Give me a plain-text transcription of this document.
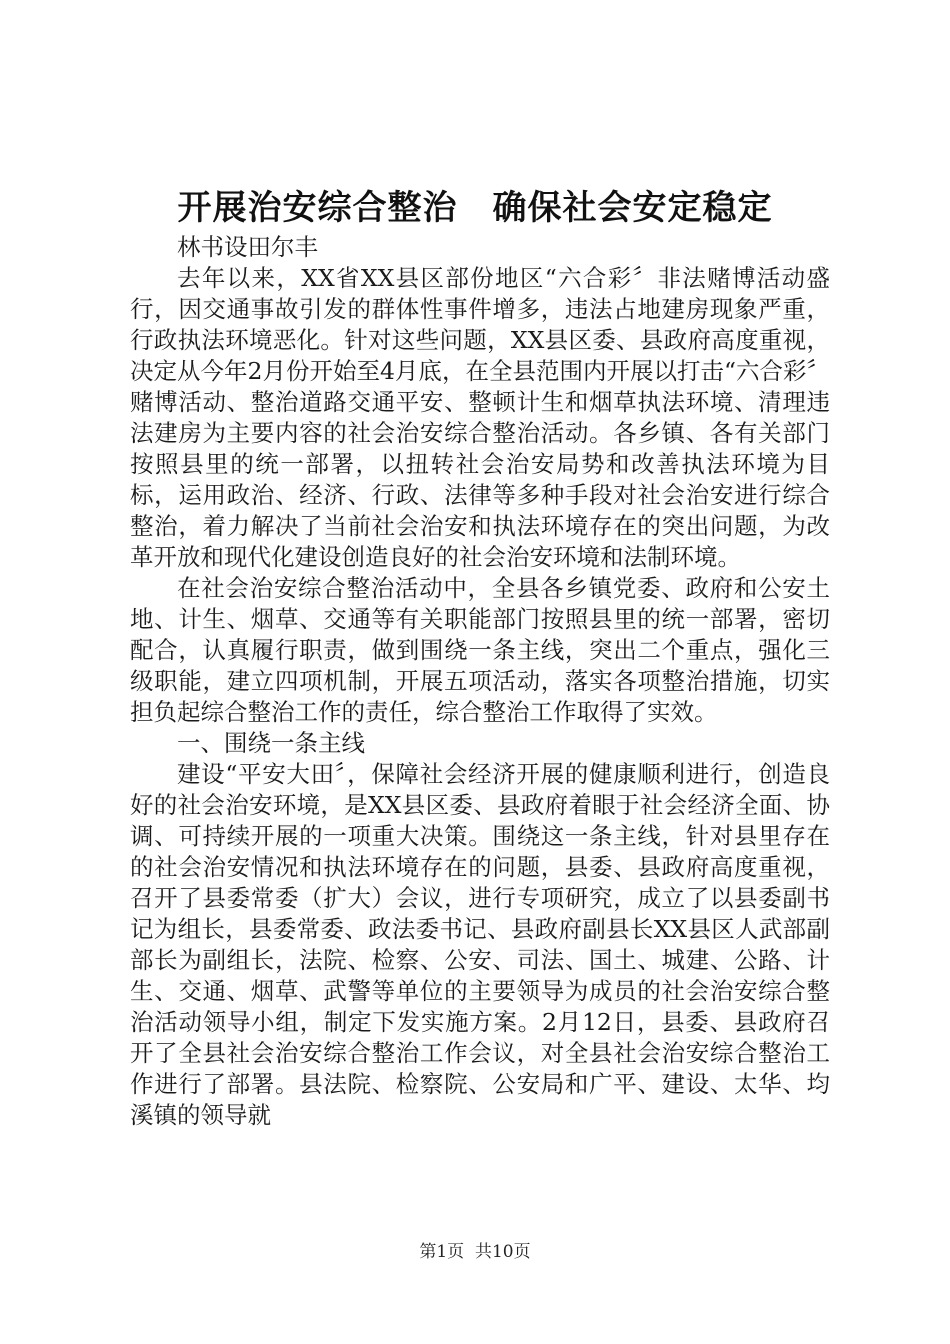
开展治安综合整治　确保社会安定稳定

林书设田尔丰

去年以来，XX省XX县区部份地区“六合彩〞非法赌博活动盛行，因交通事故引发的群体性事件增多，违法占地建房现象严重，行政执法环境恶化。针对这些问题，XX县区委、县政府高度重视，决定从今年2月份开始至4月底，在全县范围内开展以打击“六合彩〞赌博活动、整治道路交通平安、整顿计生和烟草执法环境、清理违法建房为主要内容的社会治安综合整治活动。各乡镇、各有关部门按照县里的统一部署，以扭转社会治安局势和改善执法环境为目标，运用政治、经济、行政、法律等多种手段对社会治安进行综合整治，着力解决了当前社会治安和执法环境存在的突出问题，为改革开放和现代化建设创造良好的社会治安环境和法制环境。

在社会治安综合整治活动中，全县各乡镇党委、政府和公安土地、计生、烟草、交通等有关职能部门按照县里的统一部署，密切配合，认真履行职责，做到围绕一条主线，突出二个重点，强化三级职能，建立四项机制，开展五项活动，落实各项整治措施，切实担负起综合整治工作的责任，综合整治工作取得了实效。

一、围绕一条主线

建设“平安大田〞，保障社会经济开展的健康顺利进行，创造良好的社会治安环境，是XX县区委、县政府着眼于社会经济全面、协调、可持续开展的一项重大决策。围绕这一条主线，针对县里存在的社会治安情况和执法环境存在的问题，县委、县政府高度重视，召开了县委常委（扩大）会议，进行专项研究，成立了以县委副书记为组长，县委常委、政法委书记、县政府副县长XX县区人武部副部长为副组长，法院、检察、公安、司法、国土、城建、公路、计生、交通、烟草、武警等单位的主要领导为成员的社会治安综合整治活动领导小组，制定下发实施方案。2月12日，县委、县政府召开了全县社会治安综合整治工作会议，对全县社会治安综合整治工作进行了部署。县法院、检察院、公安局和广平、建设、太华、均溪镇的领导就

第1页  共10页
